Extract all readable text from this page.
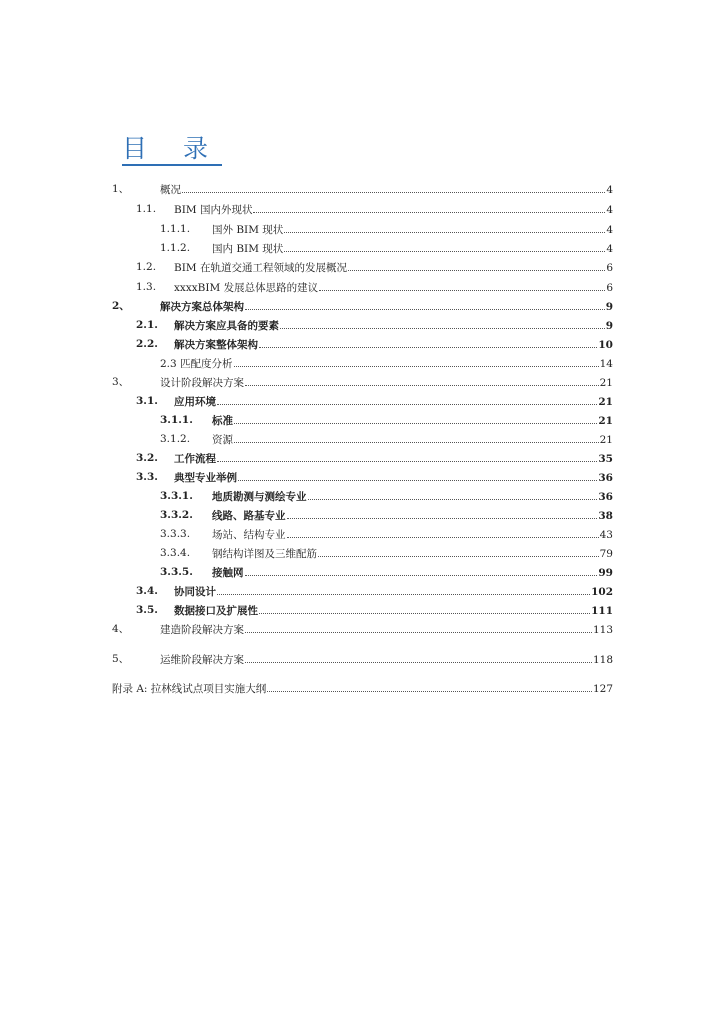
目 录
1、	概况	4
1.1. BIM 国内外现状	4
1.1.1. 国外 BIM 现状	4
1.1.2. 国内 BIM 现状	4
1.2. BIM 在轨道交通工程领域的发展概况	6
1.3. xxxxBIM 发展总体思路的建议	6
2、	解决方案总体架构	9
2.1. 解决方案应具备的要素	9
2.2. 解决方案整体架构	10
2.3 匹配度分析	14
3、	设计阶段解决方案	21
3.1. 应用环境	21
3.1.1. 标准	21
3.1.2. 资源	21
3.2. 工作流程	35
3.3. 典型专业举例	36
3.3.1. 地质勘测与测绘专业	36
3.3.2. 线路、路基专业	38
3.3.3. 场站、结构专业	43
3.3.4. 钢结构详图及三维配筋	79
3.3.5. 接触网	99
3.4. 协同设计	102
3.5. 数据接口及扩展性	111
4、	建造阶段解决方案	113
5、	运维阶段解决方案	118
附录 A: 拉林线试点项目实施大纲	127
